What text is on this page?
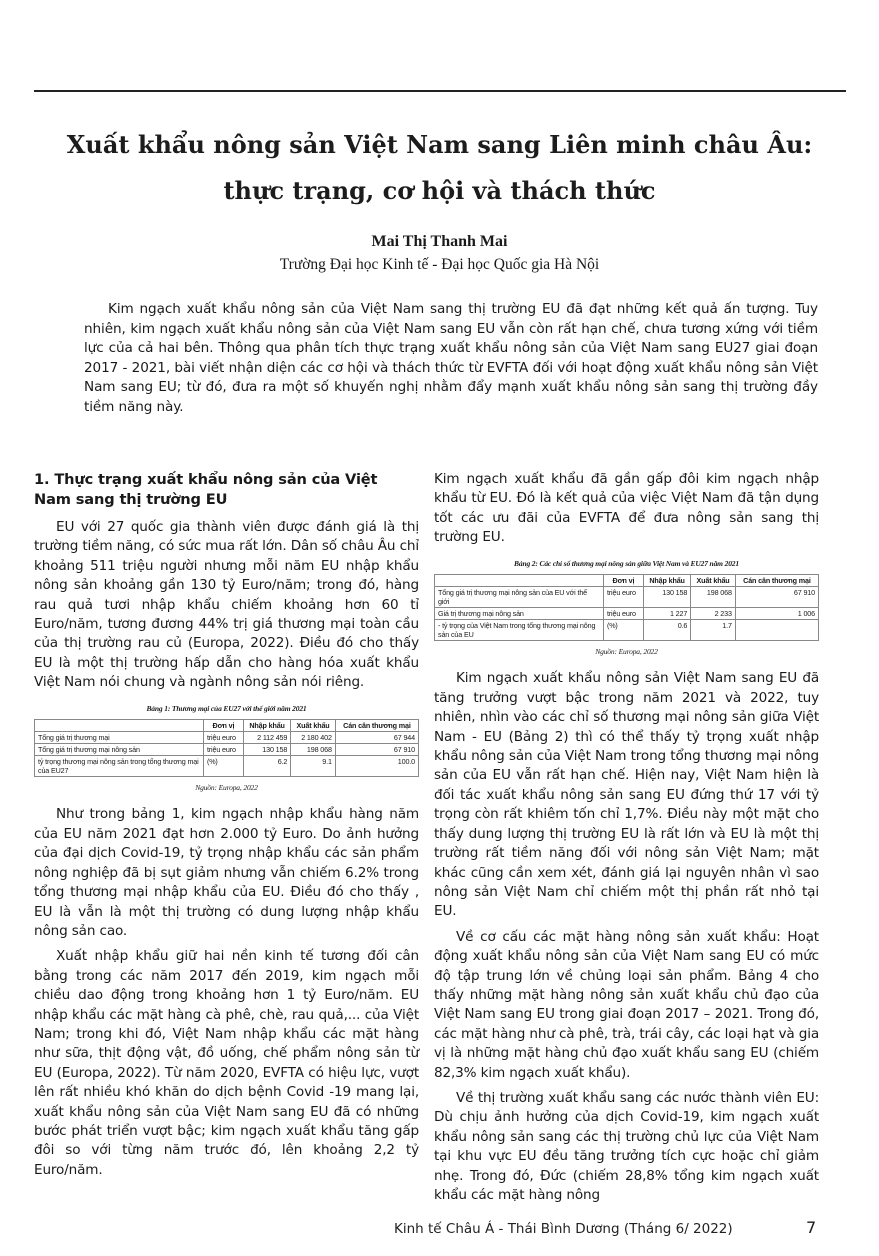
Xuất khẩu nông sản Việt Nam sang Liên minh châu Âu:
thực trạng, cơ hội và thách thức
Mai Thị Thanh Mai
Trường Đại học Kinh tế - Đại học Quốc gia Hà Nội

Kim ngạch xuất khẩu nông sản của Việt Nam sang thị trường EU đã đạt những kết quả ấn tượng. Tuy nhiên, kim ngạch xuất khẩu nông sản của Việt Nam sang EU vẫn còn rất hạn chế, chưa tương xứng với tiềm lực của cả hai bên. Thông qua phân tích thực trạng xuất khẩu nông sản của Việt Nam sang EU27 giai đoạn 2017 - 2021, bài viết nhận diện các cơ hội và thách thức từ EVFTA đối với hoạt động xuất khẩu nông sản Việt Nam sang EU; từ đó, đưa ra một số khuyến nghị nhằm đẩy mạnh xuất khẩu nông sản sang thị trường đầy tiềm năng này.

1. Thực trạng xuất khẩu nông sản của Việt Nam sang thị trường EU

EU với 27 quốc gia thành viên được đánh giá là thị trường tiềm năng, có sức mua rất lớn. Dân số châu Âu chỉ khoảng 511 triệu người nhưng mỗi năm EU nhập khẩu nông sản khoảng gần 130 tỷ Euro/năm; trong đó, hàng rau quả tươi nhập khẩu chiếm khoảng hơn 60 tỉ Euro/năm, tương đương 44% trị giá thương mại toàn cầu của thị trường rau củ (Europa, 2022). Điều đó cho thấy EU là một thị trường hấp dẫn cho hàng hóa xuất khẩu Việt Nam nói chung và ngành nông sản nói riêng.

Bảng 1: Thương mại của EU27 với thế giới năm 2021
	Đơn vị	Nhập khẩu	Xuất khẩu	Cán cân thương mại
Tổng giá trị thương mại	triệu euro	2 112 459	2 180 402	67 944
Tổng giá trị thương mại nông sản	triệu euro	130 158	198 068	67 910
tỷ trọng thương mại nông sản trong tổng thương mại của EU27	(%)	6.2	9.1	100.0
Nguồn: Europa, 2022

Như trong bảng 1, kim ngạch nhập khẩu hàng năm của EU năm 2021 đạt hơn 2.000 tỷ Euro. Do ảnh hưởng của đại dịch Covid-19, tỷ trọng nhập khẩu các sản phẩm nông nghiệp đã bị sụt giảm nhưng vẫn chiếm 6.2% trong tổng thương mại nhập khẩu của EU. Điều đó cho thấy , EU là vẫn là một thị trường có dung lượng nhập khẩu nông sản cao.

Xuất nhập khẩu giữ hai nền kinh tế tương đối cân bằng trong các năm 2017 đến 2019, kim ngạch mỗi chiều dao động trong khoảng hơn 1 tỷ Euro/năm. EU nhập khẩu các mặt hàng cà phê, chè, rau quả,... của Việt Nam; trong khi đó, Việt Nam nhập khẩu các mặt hàng như sữa, thịt động vật, đồ uống, chế phẩm nông sản từ EU (Europa, 2022). Từ năm 2020, EVFTA có hiệu lực, vượt lên rất nhiều khó khăn do dịch bệnh Covid -19 mang lại, xuất khẩu nông sản của Việt Nam sang EU đã có những bước phát triển vượt bậc; kim ngạch xuất khẩu tăng gấp đôi so với từng năm trước đó, lên khoảng 2,2 tỷ Euro/năm.

Kim ngạch xuất khẩu đã gần gấp đôi kim ngạch nhập khẩu từ EU. Đó là kết quả của việc Việt Nam đã tận dụng tốt các ưu đãi của EVFTA để đưa nông sản sang thị trường EU.

Bảng 2: Các chỉ số thương mại nông sản giữa Việt Nam và EU27 năm 2021
	Đơn vị	Nhập khẩu	Xuất khẩu	Cán cân thương mại
Tổng giá trị thương mại nông sản của EU với thế giới	triệu euro	130 158	198 068	67 910
Giá trị thương mại nông sản	triệu euro	1 227	2 233	1 006
- tỷ trọng của Việt Nam trong tổng thương mại nông sản của EU	(%)	0.6	1.7	
Nguồn: Europa, 2022

Kim ngạch xuất khẩu nông sản Việt Nam sang EU đã tăng trưởng vượt bậc trong năm 2021 và 2022, tuy nhiên, nhìn vào các chỉ số thương mại nông sản giữa Việt Nam - EU (Bảng 2) thì có thể thấy tỷ trọng xuất nhập khẩu nông sản của Việt Nam trong tổng thương mại nông sản của EU vẫn rất hạn chế. Hiện nay, Việt Nam hiện là đối tác xuất khẩu nông sản sang EU đứng thứ 17 với tỷ trọng còn rất khiêm tốn chỉ 1,7%. Điều này một mặt cho thấy dung lượng thị trường EU là rất lớn và EU là một thị trường rất tiềm năng đối với nông sản Việt Nam; mặt khác cũng cần xem xét, đánh giá lại nguyên nhân vì sao nông sản Việt Nam chỉ chiếm một thị phần rất nhỏ tại EU.

Về cơ cấu các mặt hàng nông sản xuất khẩu: Hoạt động xuất khẩu nông sản của Việt Nam sang EU có mức độ tập trung lớn về chủng loại sản phẩm. Bảng 4 cho thấy những mặt hàng nông sản xuất khẩu chủ đạo của Việt Nam sang EU trong giai đoạn 2017 – 2021. Trong đó, các mặt hàng như cà phê, trà, trái cây, các loại hạt và gia vị là những mặt hàng chủ đạo xuất khẩu sang EU (chiếm 82,3% kim ngạch xuất khẩu).

Về thị trường xuất khẩu sang các nước thành viên EU: Dù chịu ảnh hưởng của dịch Covid-19, kim ngạch xuất khẩu nông sản sang các thị trường chủ lực của Việt Nam tại khu vực EU đều tăng trưởng tích cực hoặc chỉ giảm nhẹ. Trong đó, Đức (chiếm 28,8% tổng kim ngạch xuất khẩu các mặt hàng nông

Kinh tế Châu Á - Thái Bình Dương (Tháng 6/ 2022)	7
